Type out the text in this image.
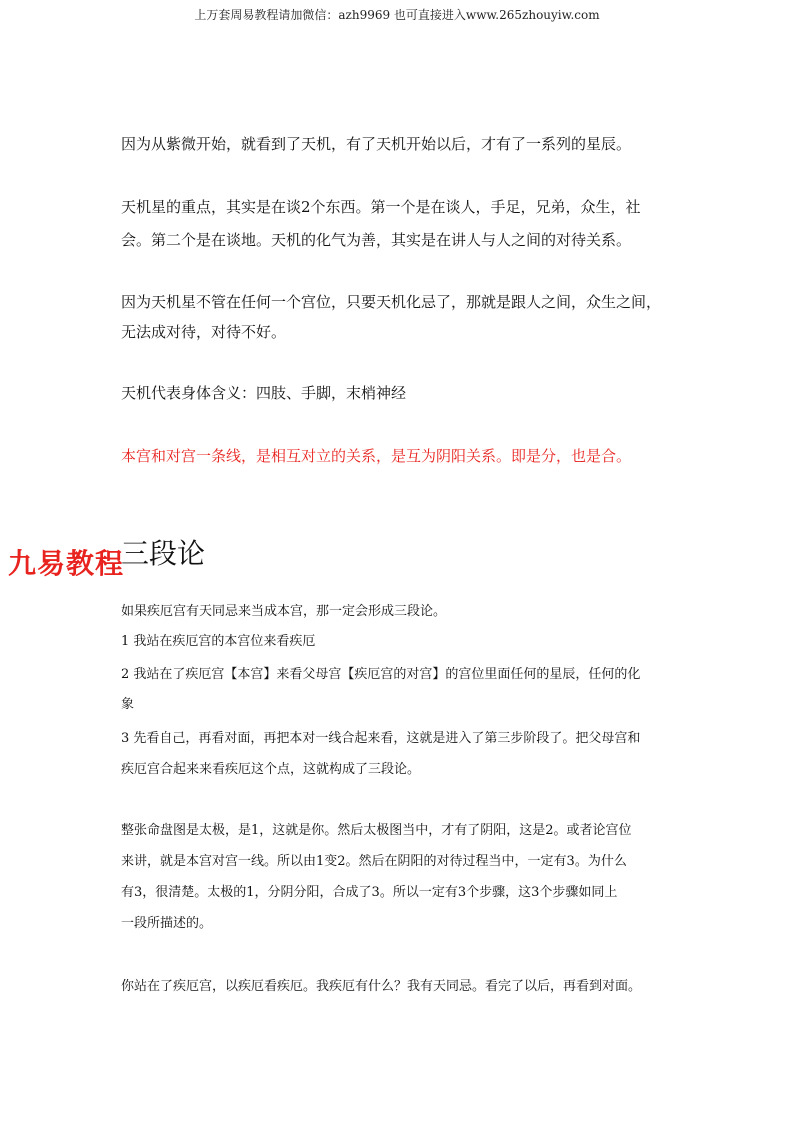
上万套周易教程请加微信：azh9969 也可直接进入www.265zhouyiw.com
因为从紫微开始，就看到了天机，有了天机开始以后，才有了一系列的星辰。
天机星的重点，其实是在谈2个东西。第一个是在谈人，手足，兄弟，众生，社
会。第二个是在谈地。天机的化气为善，其实是在讲人与人之间的对待关系。
因为天机星不管在任何一个宫位，只要天机化忌了，那就是跟人之间，众生之间，
无法成对待，对待不好。
天机代表身体含义：四肢、手脚，末梢神经
本宫和对宫一条线，是相互对立的关系，是互为阴阳关系。即是分，也是合。
三段论
如果疾厄宫有天同忌来当成本宫，那一定会形成三段论。
1 我站在疾厄宫的本宫位来看疾厄
2 我站在了疾厄宫【本宫】来看父母宫【疾厄宫的对宫】的宫位里面任何的星辰，任何的化
象
3 先看自己，再看对面，再把本对一线合起来看，这就是进入了第三步阶段了。把父母宫和
疾厄宫合起来来看疾厄这个点，这就构成了三段论。
整张命盘图是太极，是1，这就是你。然后太极图当中，才有了阴阳，这是2。或者论宫位
来讲，就是本宫对宫一线。所以由1变2。然后在阴阳的对待过程当中，一定有3。为什么
有3，很清楚。太极的1，分阴分阳，合成了3。所以一定有3个步骤，这3个步骤如同上
一段所描述的。
你站在了疾厄宫，以疾厄看疾厄。我疾厄有什么？我有天同忌。看完了以后，再看到对面。
九易教程
